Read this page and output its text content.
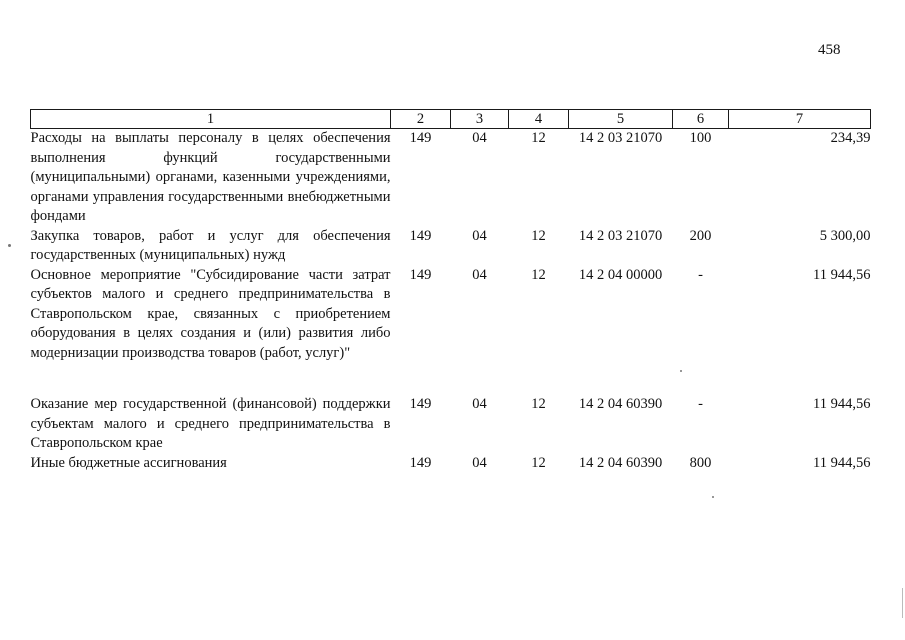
458
1	2	3	4	5	6	7
Расходы на выплаты персоналу в целях обеспечения выполнения функций государственными (муниципальными) органами, казенными учреждениями, органами управления государственными внебюджетными фондами	149	04	12	14 2 03 21070	100	234,39
Закупка товаров, работ и услуг для обеспечения государственных (муниципальных) нужд	149	04	12	14 2 03 21070	200	5 300,00
Основное мероприятие "Субсидирование части затрат субъектов малого и среднего предпринимательства в Ставропольском крае, связанных с приобретением оборудования в целях создания и (или) развития либо модернизации производства товаров (работ, услуг)"	149	04	12	14 2 04 00000	-	11 944,56

Оказание мер государственной (финансовой) поддержки субъектам малого и среднего предпринимательства в Ставропольском крае	149	04	12	14 2 04 60390	-	11 944,56
Иные бюджетные ассигнования	149	04	12	14 2 04 60390	800	11 944,56
